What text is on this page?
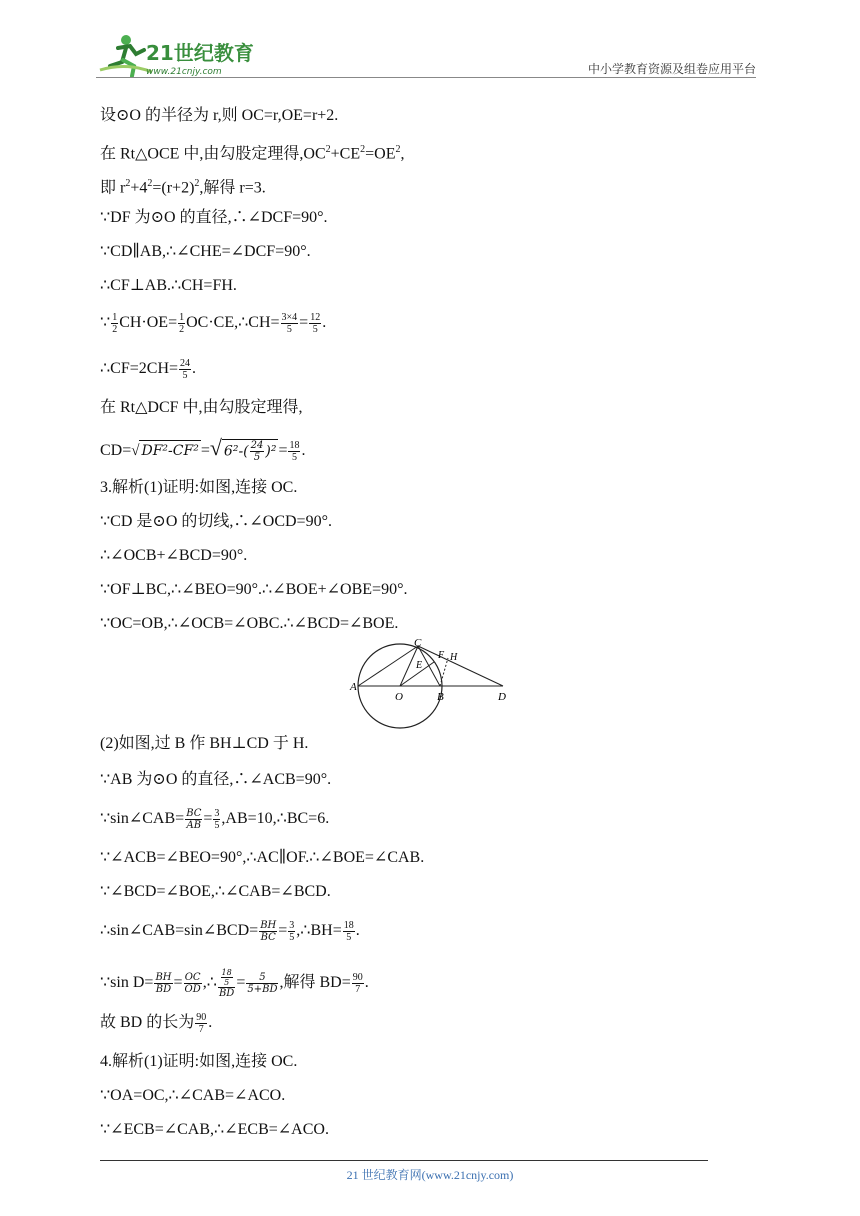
21世纪教育
www.21cnjy.com	中小学教育资源及组卷应用平台
设⊙O 的半径为 r,则 OC=r,OE=r+2.
在 Rt△OCE 中,由勾股定理得$,OC^2+CE^2=OE^2$,
即 $r^2+4^2=(r+2)^2$,解得 r=3.
∵DF 为⊙O 的直径,∴∠DCF=90°.
∵CD∥AB,∴∠CHE=∠DCF=90°.
∴CF⊥AB.∴CH=FH.
∵ $\frac{1}{2} CH\cdot OE= \frac{1}{2}$ OC·CE,∴CH= $\frac{3\times 4}{5} = \frac{12}{5}$ .
∴CF=2CH= $\frac{24}{5}$ .
在 Rt△DCF 中,由勾股定理得,
CD=√ DF²-CF² =√ $6^2-( \frac{24}{5} )^2 = \frac{18}{5}$ .
3.解析(1)证明:如图,连接 OC.
∵CD 是⊙O 的切线,∴∠OCD=90°.
∴∠OCB+∠BCD=90°.
∵OF⊥BC,∴∠BEO=90°.∴∠BOE+∠OBE=90°.
∵OC=OB,∴∠OCB=∠OBC.∴∠BCD=∠BOE.
A
O	B	D
C
E
F H
(2)如图,过 B 作 BH⊥CD 于 H.
∵AB 为⊙O 的直径,∴∠ACB=90°.
∵sin∠CAB= $\frac{BC}{AB} = \frac{3}{5}$ ,AB=10,∴BC=6.
∵∠ACB=∠BEO=90°,∴AC∥OF.∴∠BOE=∠CAB.
∵∠BCD=∠BOE,∴∠CAB=∠BCD.
∴sin∠CAB=sin∠BCD= $\frac{BH}{BC} = \frac{3}{5}$ ,∴BH= $\frac{18}{5}$ .
∵sin $D= \frac{BH}{BD} = \frac{OC}{OD}$ ,∴ $\frac{\frac{18}{5}}{BD} = \frac{5}{5+BD}$ ,解得 $BD= \frac{90}{7}$ .
故 BD 的长为 $\frac{90}{7}$ .
4.解析(1)证明:如图,连接 OC.
∵OA=OC,∴∠CAB=∠ACO.
∵∠ECB=∠CAB,∴∠ECB=∠ACO.
21 世纪教育网(www.21cnjy.com)
